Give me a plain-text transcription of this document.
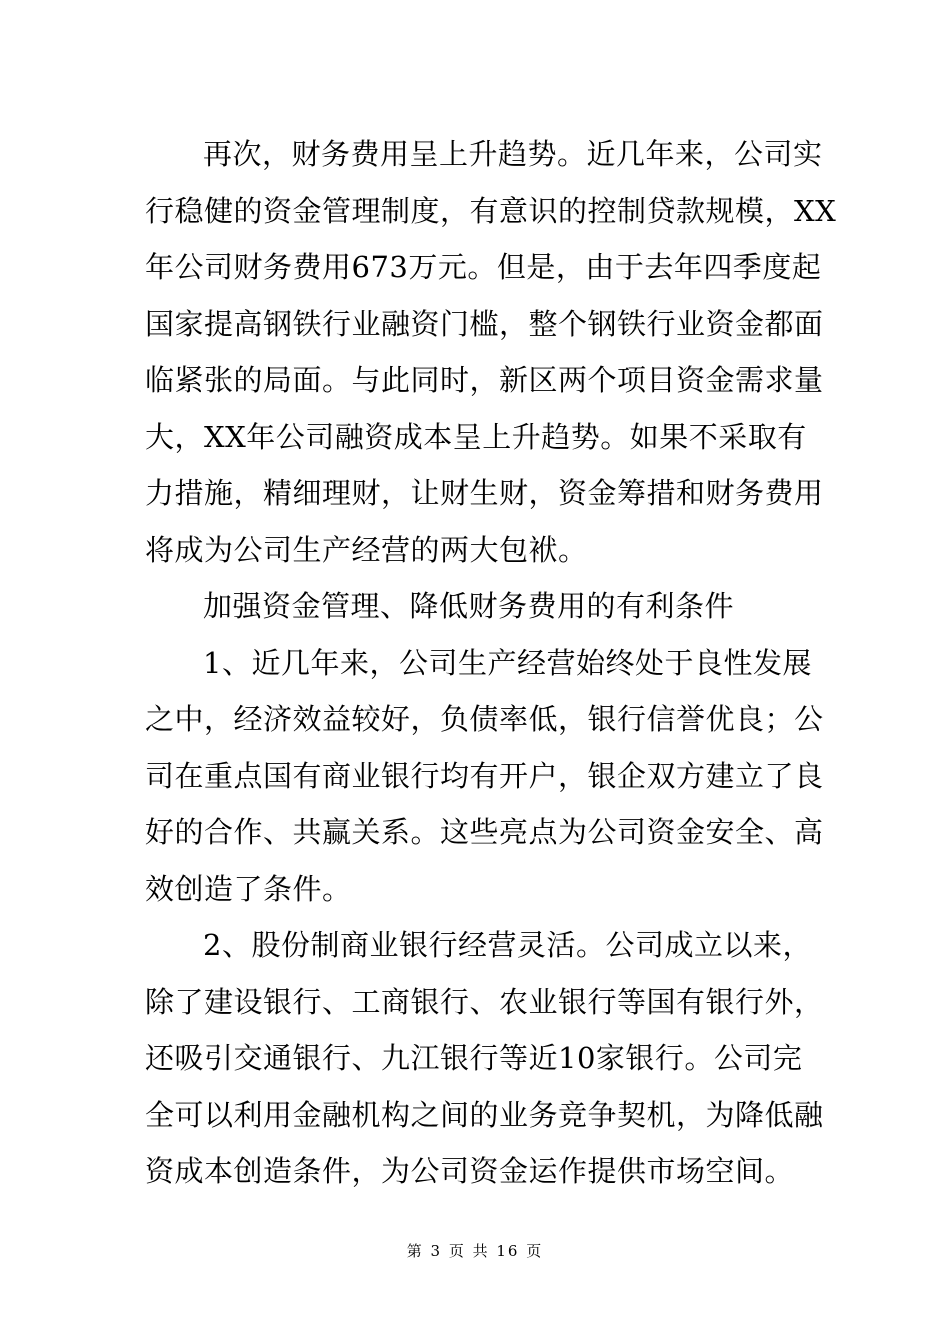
再次，财务费用呈上升趋势。近几年来，公司实
行稳健的资金管理制度，有意识的控制贷款规模，XX
年公司财务费用673万元。但是，由于去年四季度起
国家提高钢铁行业融资门槛，整个钢铁行业资金都面
临紧张的局面。与此同时，新区两个项目资金需求量
大，XX年公司融资成本呈上升趋势。如果不采取有
力措施，精细理财，让财生财，资金筹措和财务费用
将成为公司生产经营的两大包袱。

加强资金管理、降低财务费用的有利条件

1、近几年来，公司生产经营始终处于良性发展
之中，经济效益较好，负债率低，银行信誉优良；公
司在重点国有商业银行均有开户，银企双方建立了良
好的合作、共赢关系。这些亮点为公司资金安全、高
效创造了条件。

2、股份制商业银行经营灵活。公司成立以来，
除了建设银行、工商银行、农业银行等国有银行外，
还吸引交通银行、九江银行等近10家银行。公司完
全可以利用金融机构之间的业务竞争契机，为降低融
资成本创造条件，为公司资金运作提供市场空间。

第 3 页 共 16 页
